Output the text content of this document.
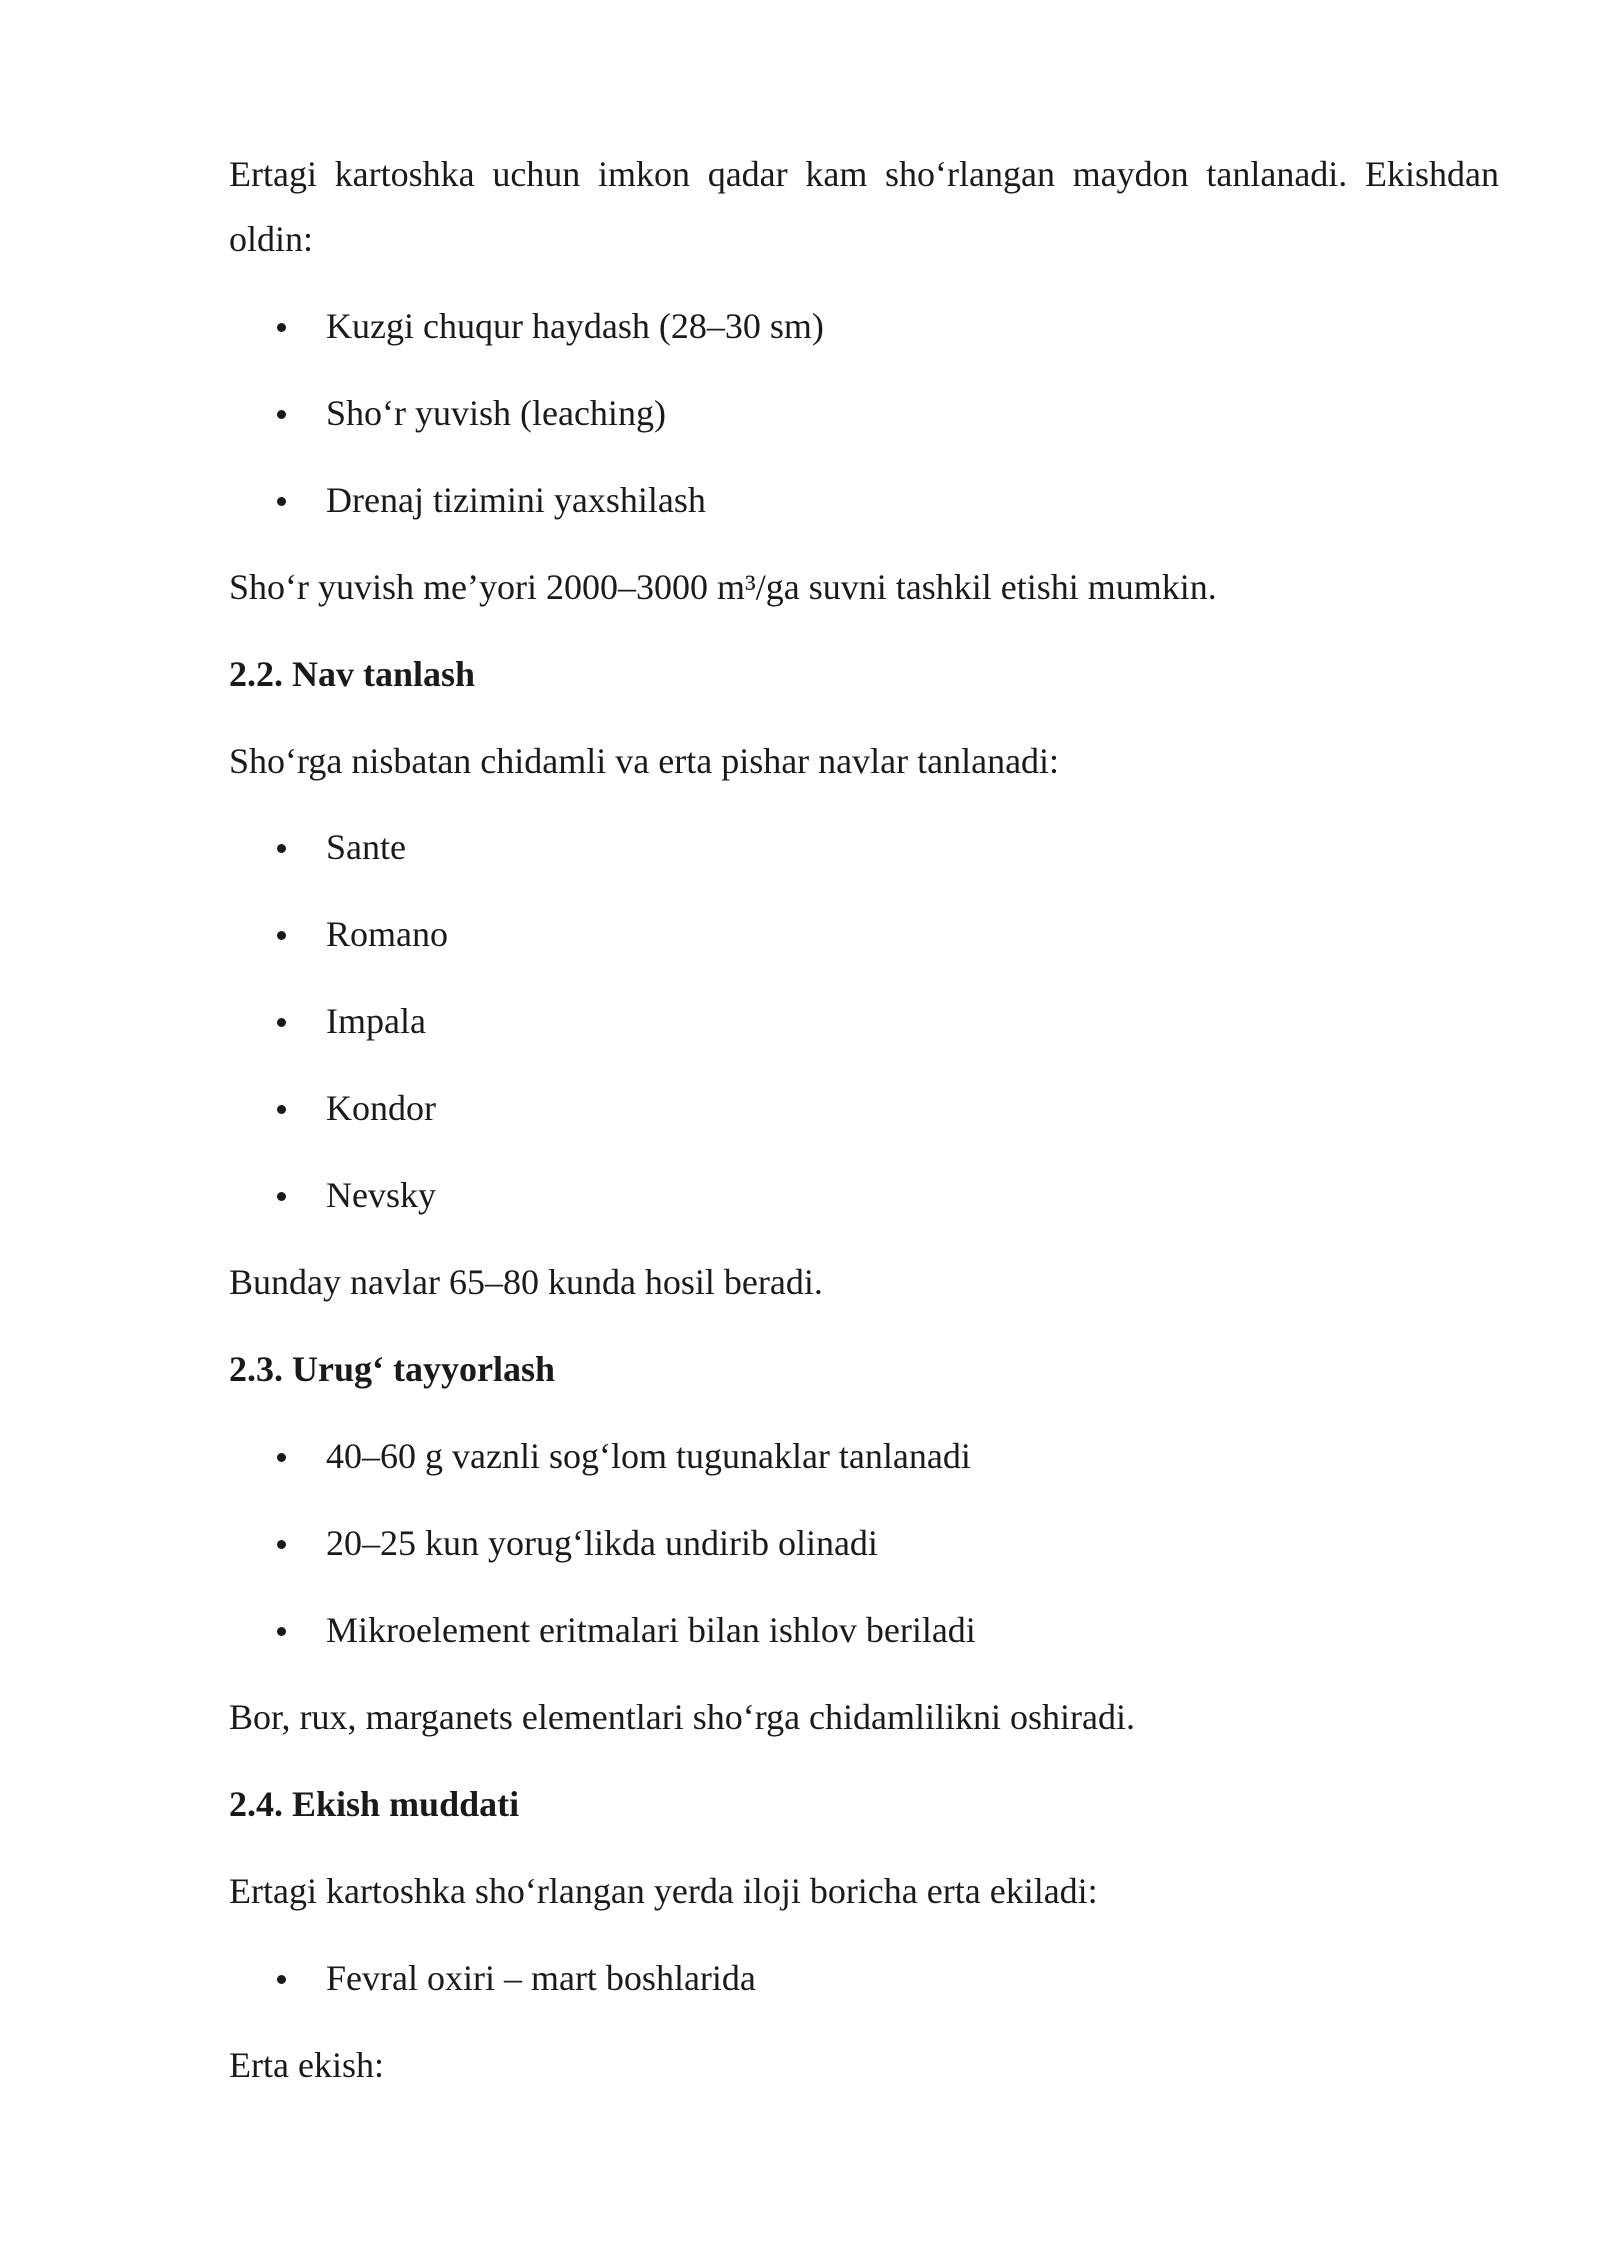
Ertagi kartoshka uchun imkon qadar kam sho‘rlangan maydon tanlanadi. Ekishdan oldin:

Kuzgi chuqur haydash (28–30 sm)
Sho‘r yuvish (leaching)
Drenaj tizimini yaxshilash

Sho‘r yuvish me’yori 2000–3000 m³/ga suvni tashkil etishi mumkin.

2.2. Nav tanlash

Sho‘rga nisbatan chidamli va erta pishar navlar tanlanadi:

Sante
Romano
Impala
Kondor
Nevsky

Bunday navlar 65–80 kunda hosil beradi.

2.3. Urug‘ tayyorlash

40–60 g vaznli sog‘lom tugunaklar tanlanadi
20–25 kun yorug‘likda undirib olinadi
Mikroelement eritmalari bilan ishlov beriladi

Bor, rux, marganets elementlari sho‘rga chidamlilikni oshiradi.

2.4. Ekish muddati

Ertagi kartoshka sho‘rlangan yerda iloji boricha erta ekiladi:

Fevral oxiri – mart boshlarida

Erta ekish:
